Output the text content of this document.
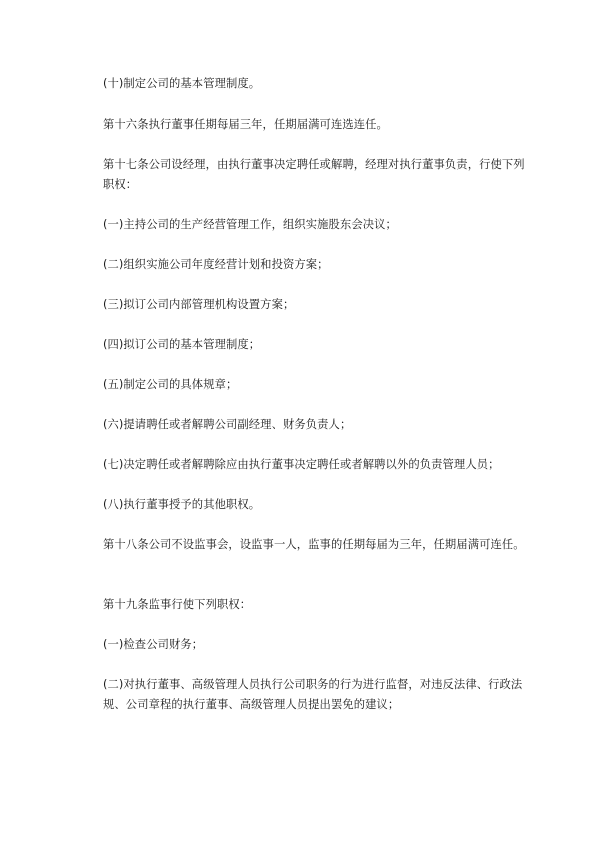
(十)制定公司的基本管理制度。
第十六条执行董事任期每届三年，任期届满可连选连任。
第十七条公司设经理，由执行董事决定聘任或解聘，经理对执行董事负责，行使下列职权：
(一)主持公司的生产经营管理工作，组织实施股东会决议；
(二)组织实施公司年度经营计划和投资方案；
(三)拟订公司内部管理机构设置方案；
(四)拟订公司的基本管理制度；
(五)制定公司的具体规章；
(六)提请聘任或者解聘公司副经理、财务负责人；
(七)决定聘任或者解聘除应由执行董事决定聘任或者解聘以外的负责管理人员；
(八)执行董事授予的其他职权。
第十八条公司不设监事会，设监事一人，监事的任期每届为三年，任期届满可连任。
第十九条监事行使下列职权：
(一)检查公司财务；
(二)对执行董事、高级管理人员执行公司职务的行为进行监督，对违反法律、行政法规、公司章程的执行董事、高级管理人员提出罢免的建议；
